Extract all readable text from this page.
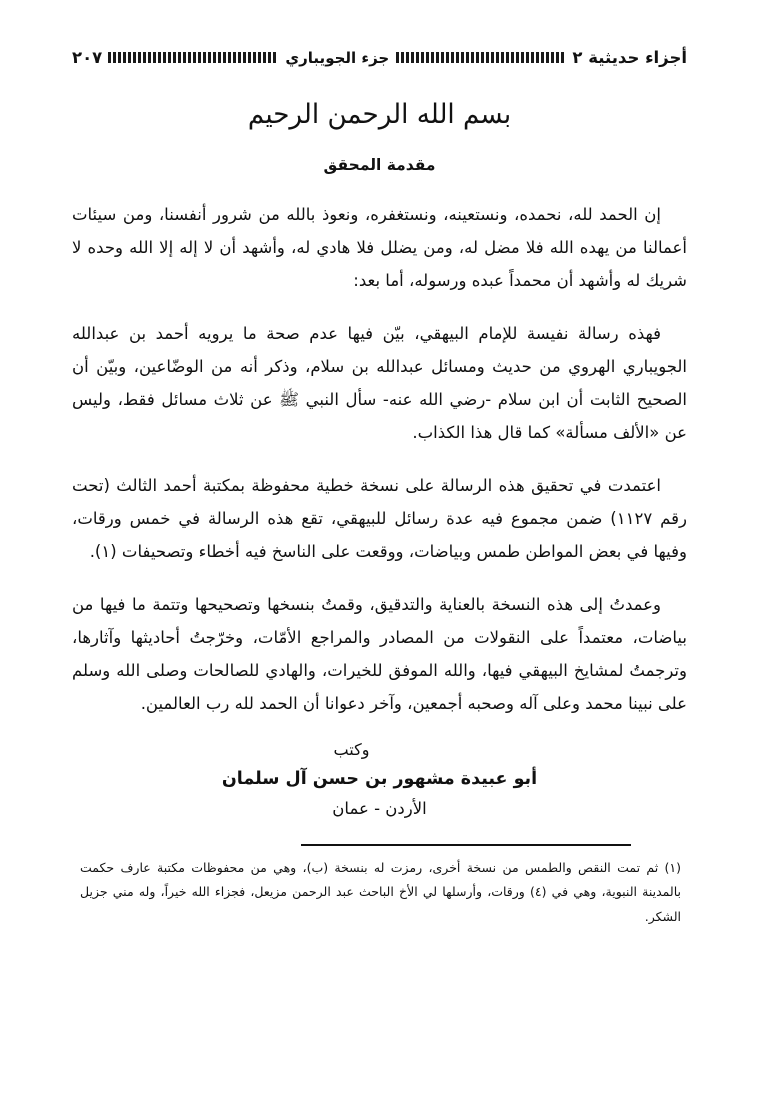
أجزاء حديثية ٢
جزء الجويباري
٢٠٧
بسم الله الرحمن الرحيم
مقدمة المحقق

إن الحمد لله، نحمده، ونستعينه، ونستغفره، ونعوذ بالله من شرور أنفسنا، ومن سيئات أعمالنا من يهده الله فلا مضل له، ومن يضلل فلا هادي له، وأشهد أن لا إله إلا الله وحده لا شريك له وأشهد أن محمداً عبده ورسوله، أما بعد:

فهذه رسالة نفيسة للإمام البيهقي، بيّن فيها عدم صحة ما يرويه أحمد بن عبدالله الجويباري الهروي من حديث ومسائل عبدالله بن سلام، وذكر أنه من الوضّاعين، وبيّن أن الصحيح الثابت أن ابن سلام -رضي الله عنه- سأل النبي ﷺ عن ثلاث مسائل فقط، وليس عن «الألف مسألة» كما قال هذا الكذاب.

اعتمدت في تحقيق هذه الرسالة على نسخة خطية محفوظة بمكتبة أحمد الثالث (تحت رقم ١١٢٧) ضمن مجموع فيه عدة رسائل للبيهقي، تقع هذه الرسالة في خمس ورقات، وفيها في بعض المواطن طمس وبياضات، ووقعت على الناسخ فيه أخطاء وتصحيفات (١).

وعمدتُ إلى هذه النسخة بالعناية والتدقيق، وقمتُ بنسخها وتصحيحها وتتمة ما فيها من بياضات، معتمداً على النقولات من المصادر والمراجع الأمّات، وخرّجتُ أحاديثها وآثارها، وترجمتُ لمشايخ البيهقي فيها، والله الموفق للخيرات، والهادي للصالحات وصلى الله وسلم على نبينا محمد وعلى آله وصحبه أجمعين، وآخر دعوانا أن الحمد لله رب العالمين.

وكتب
أبو عبيدة مشهور بن حسن آل سلمان
الأردن - عمان

(١) ثم تمت النقص والطمس من نسخة أخرى، رمزت له بنسخة (ب)، وهي من محفوظات مكتبة عارف حكمت بالمدينة النبوية، وهي في (٤) ورقات، وأرسلها لي الأخ الباحث عبد الرحمن مزيعل، فجزاء الله خيراً، وله مني جزيل الشكر.
